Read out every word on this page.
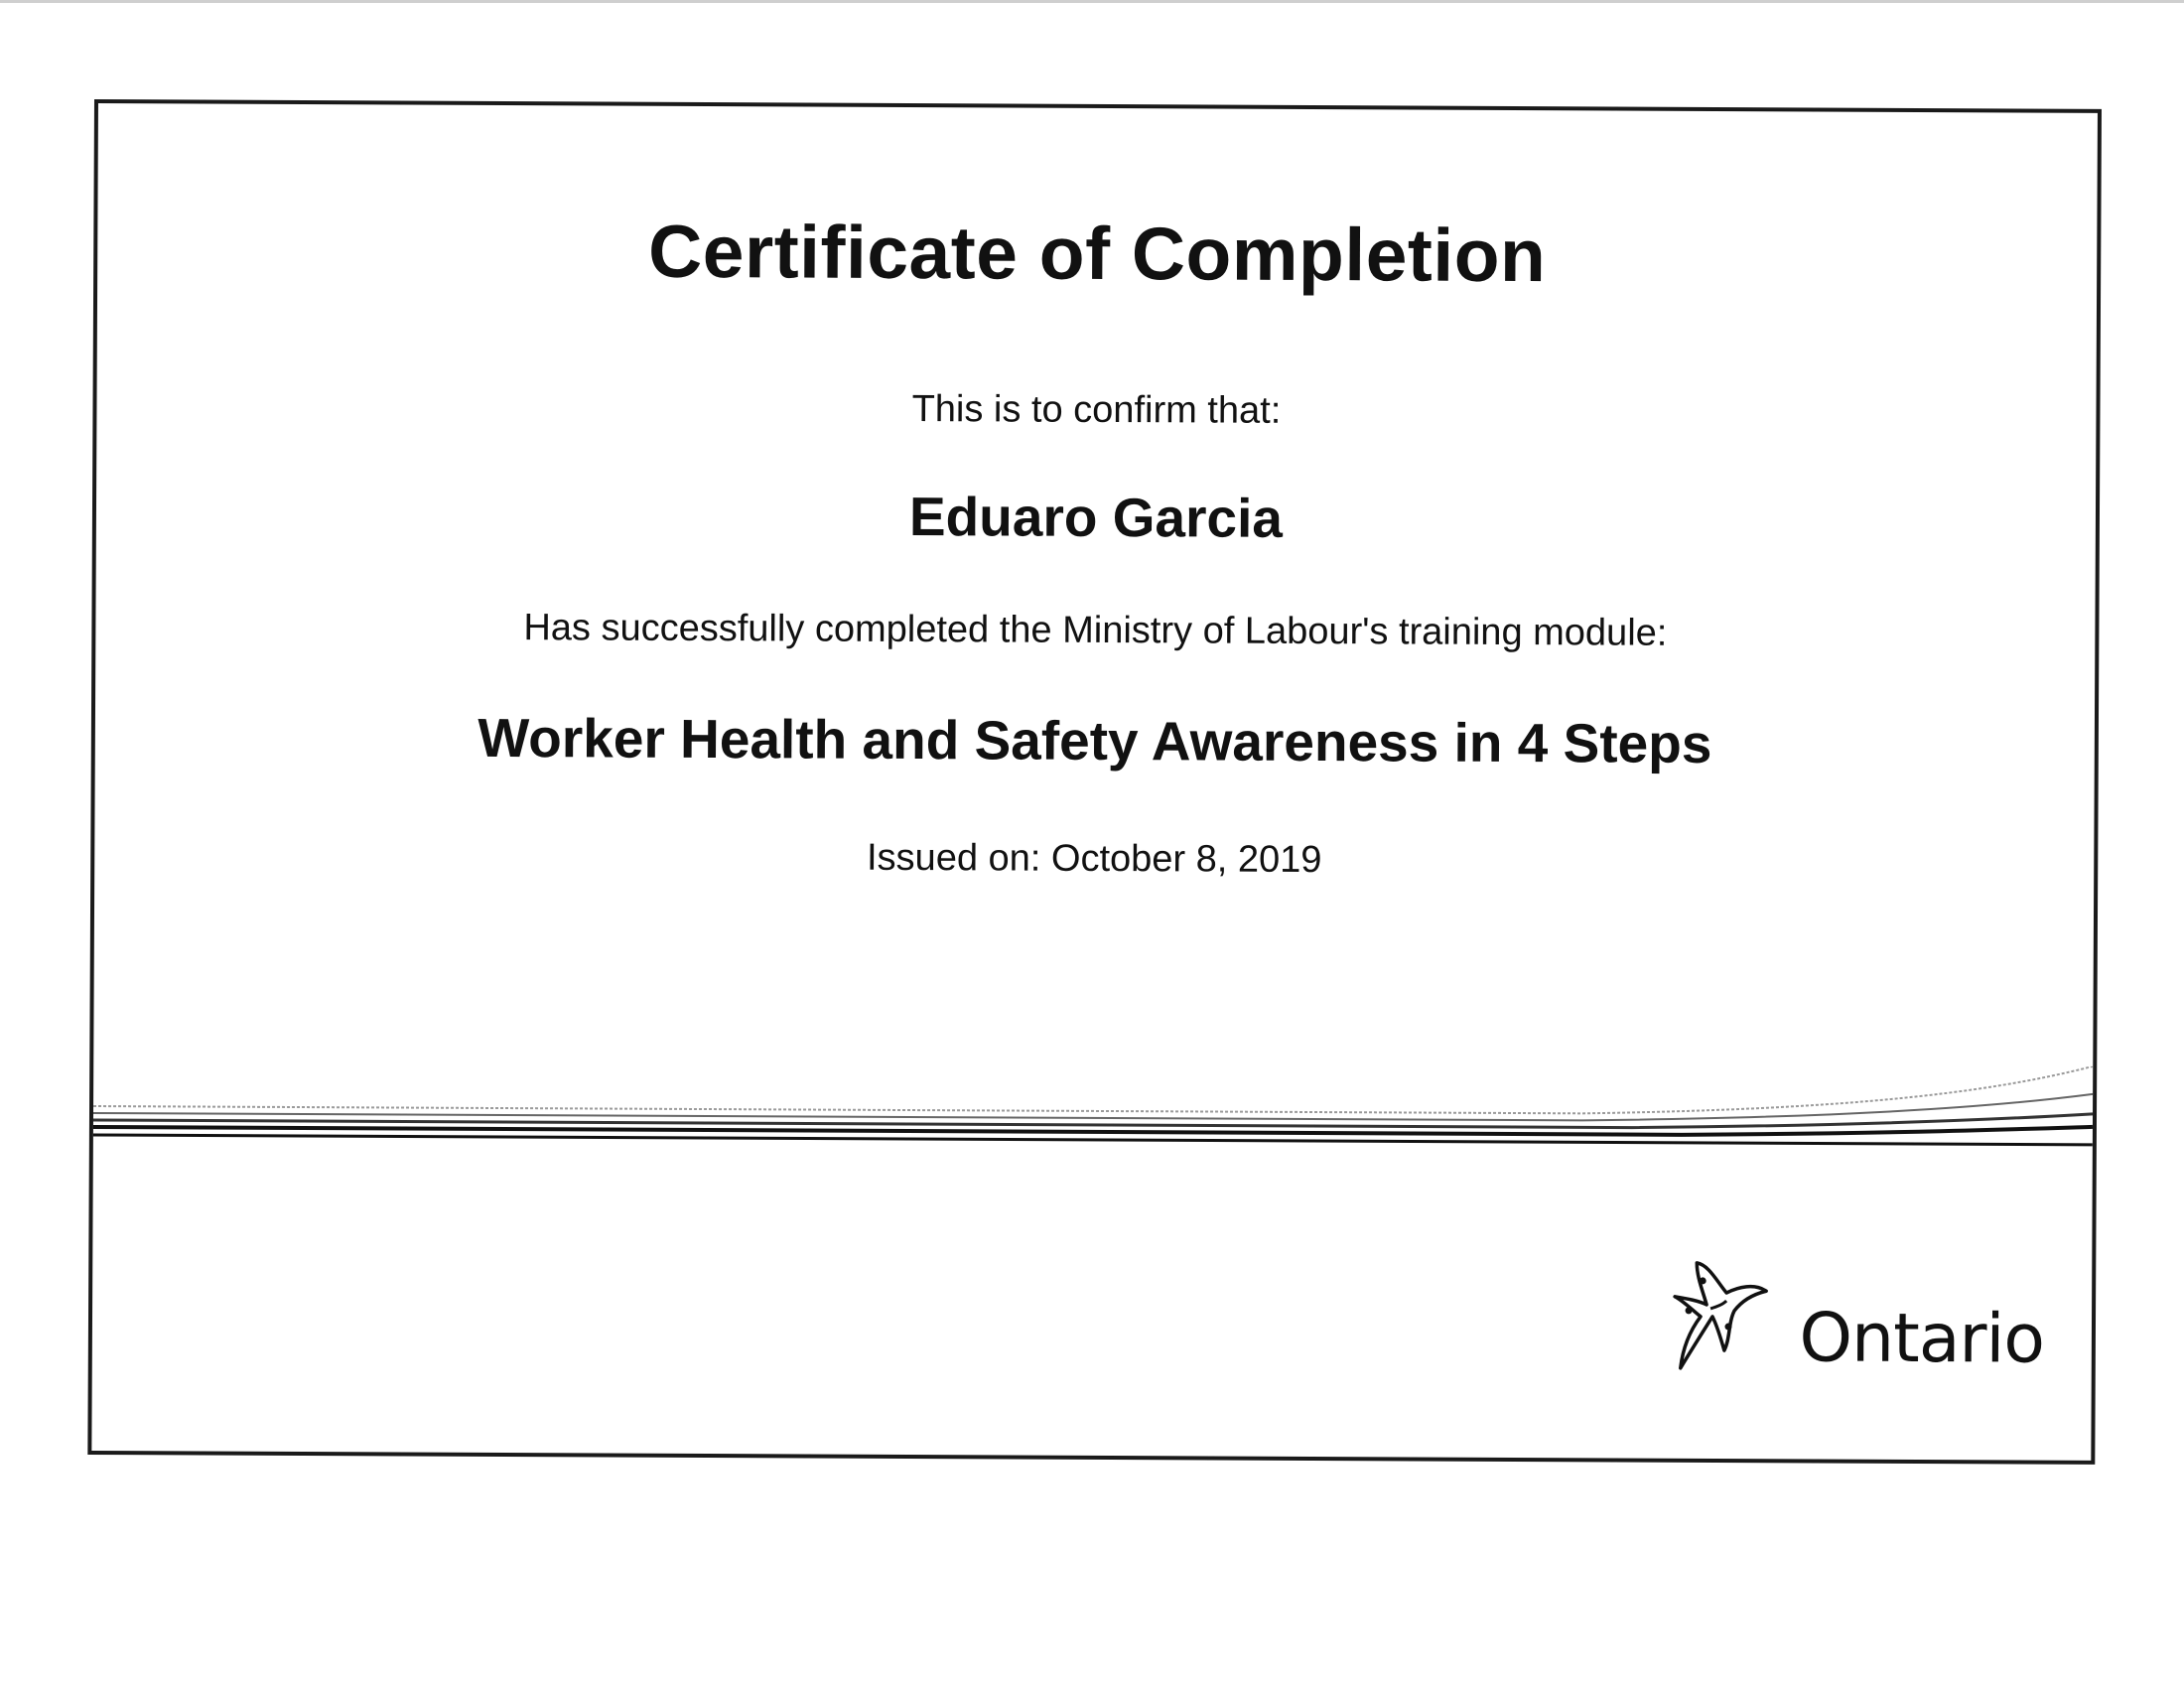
Certificate of Completion
This is to confirm that:
Eduaro Garcia
Has successfully completed the Ministry of Labour's training module:
Worker Health and Safety Awareness in 4 Steps
Issued on: October 8, 2019
Ontario
